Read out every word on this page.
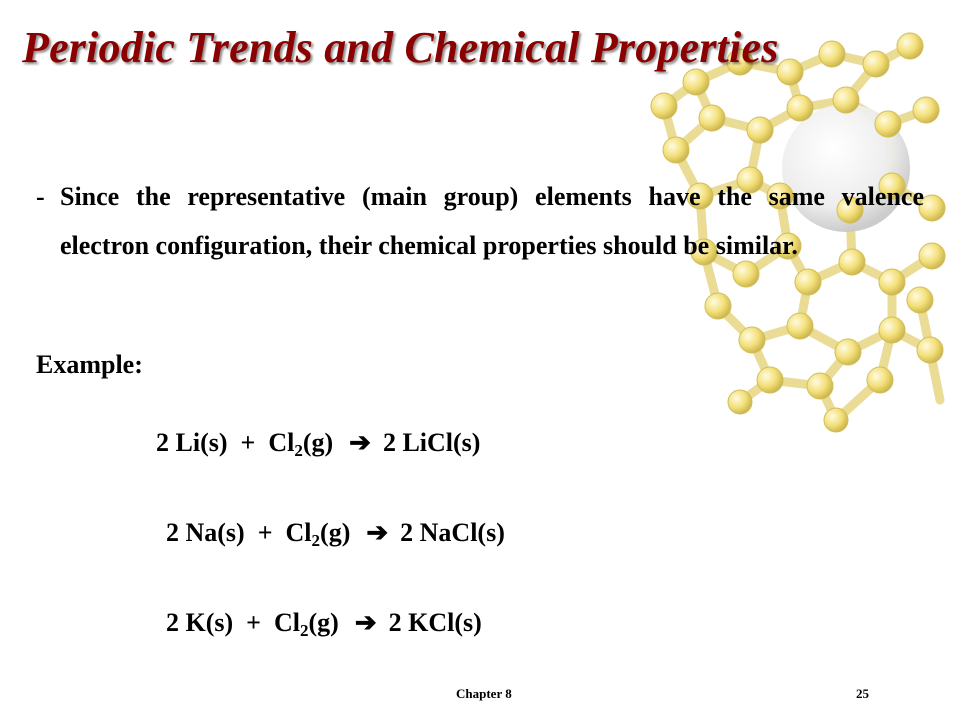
Periodic Trends and Chemical Properties
- Since the representative (main group) elements have the same valence electron configuration, their chemical properties should be similar.
Example:

2 $Li(s) + Cl_2(g)$ ➔ 2 LiCl(s)

2 $Na(s) + Cl_2(g)$ ➔ 2 NaCl(s)

2 $K(s) + Cl_2(g)$ ➔ 2 KCl(s)

Chapter 8	25
